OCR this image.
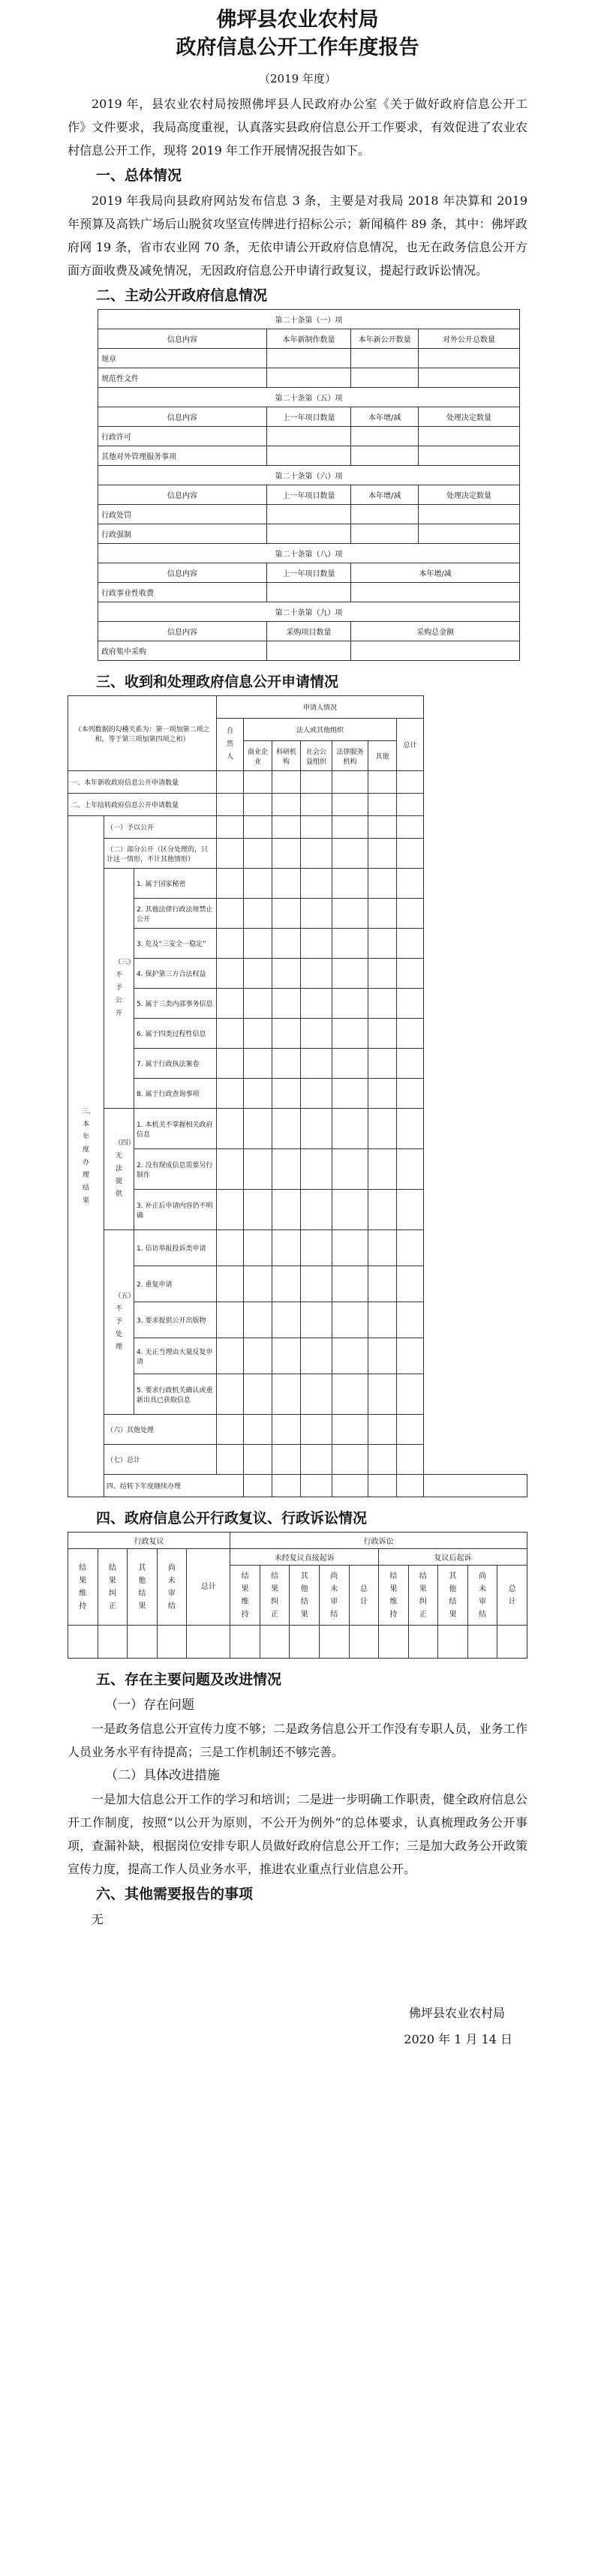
佛坪县农业农村局
政府信息公开工作年度报告
（2019 年度）

2019 年，县农业农村局按照佛坪县人民政府办公室《关于做好政府信息公开工作》文件要求，我局高度重视，认真落实县政府信息公开工作要求，有效促进了农业农村信息公开工作，现将 2019 年工作开展情况报告如下。

一、总体情况

2019 年我局向县政府网站发布信息 3 条，主要是对我局 2018 年决算和 2019 年预算及高铁广场后山脱贫攻坚宣传牌进行招标公示；新闻稿件 89 条，其中：佛坪政府网 19 条，省市农业网 70 条，无依申请公开政府信息情况，也无在政务信息公开方面方面收费及减免情况，无因政府信息公开申请行政复议，提起行政诉讼情况。

二、主动公开政府信息情况
第二十条第（一）项			
信息内容	本年新制作数量	本年新公开数量	对外公开总数量
规章			
规范性文件			
第二十条第（五）项			
信息内容	上一年项目数量	本年增/减	处理决定数量
行政许可			
其他对外管理服务事项			
第二十条第（六）项			
信息内容	上一年项目数量	本年增/减	处理决定数量
行政处罚			
行政强制			
第二十条第（八）项			
信息内容	上一年项目数量	本年增/减	
行政事业性收费			
第二十条第（九）项			
信息内容	采购项目数量	采购总金额	
政府集中采购			
三、收到和处理政府信息公开申请情况
（本列数据的勾稽关系为：第一项加第二项之和，等于第三项加第四项之和）			申请人情况							
			自然人	法人或其他组织					总计	
				商业企业	科研机构	社会公益组织	法律服务机构	其他		
一、本年新收政府信息公开申请数量										
二、上年结转政府信息公开申请数量										
三、本年度办理结果	（一）予以公开									
	（二）部分公开（区分处理的，只计这一情形，不计其他情形）									
	（三）不予公开	1. 属于国家秘密								
		2. 其他法律行政法规禁止公开								
		3. 危及“三安全一稳定”								
		4. 保护第三方合法权益								
		5. 属于三类内部事务信息								
		6. 属于四类过程性信息								
		7. 属于行政执法案卷								
		8. 属于行政查询事项								
	（四）无法提供	1. 本机关不掌握相关政府信息								
		2. 没有现成信息需要另行制作								
		3. 补正后申请内容仍不明确								
	（五）不予处理	1. 信访举报投诉类申请								
		2. 重复申请								
		3. 要求提供公开出版物								
		4. 无正当理由大量反复申请								
		5. 要求行政机关确认或重新出具已获取信息								
	（六）其他处理									
	（七）总计									
	四、结转下年度继续办理									
四、政府信息公开行政复议、行政诉讼情况
行政复议					行政诉讼									
结果维持	结果纠正	其他结果	尚未审结	总计	未经复议直接起诉					复议后起诉				
					结果维持	结果纠正	其他结果	尚未审结	总计	结果维持	结果纠正	其他结果	尚未审结	总计

五、存在主要问题及改进情况
（一）存在问题

一是政务信息公开宣传力度不够；二是政务信息公开工作没有专职人员，业务工作人员业务水平有待提高；三是工作机制还不够完善。

（二）具体改进措施

一是加大信息公开工作的学习和培训；二是进一步明确工作职责，健全政府信息公开工作制度，按照“以公开为原则，不公开为例外”的总体要求，认真梳理政务公开事项，查漏补缺，根据岗位安排专职人员做好政府信息公开工作；三是加大政务公开政策宣传力度，提高工作人员业务水平，推进农业重点行业信息公开。

六、其他需要报告的事项

无

佛坪县农业农村局
2020 年 1 月 14 日
